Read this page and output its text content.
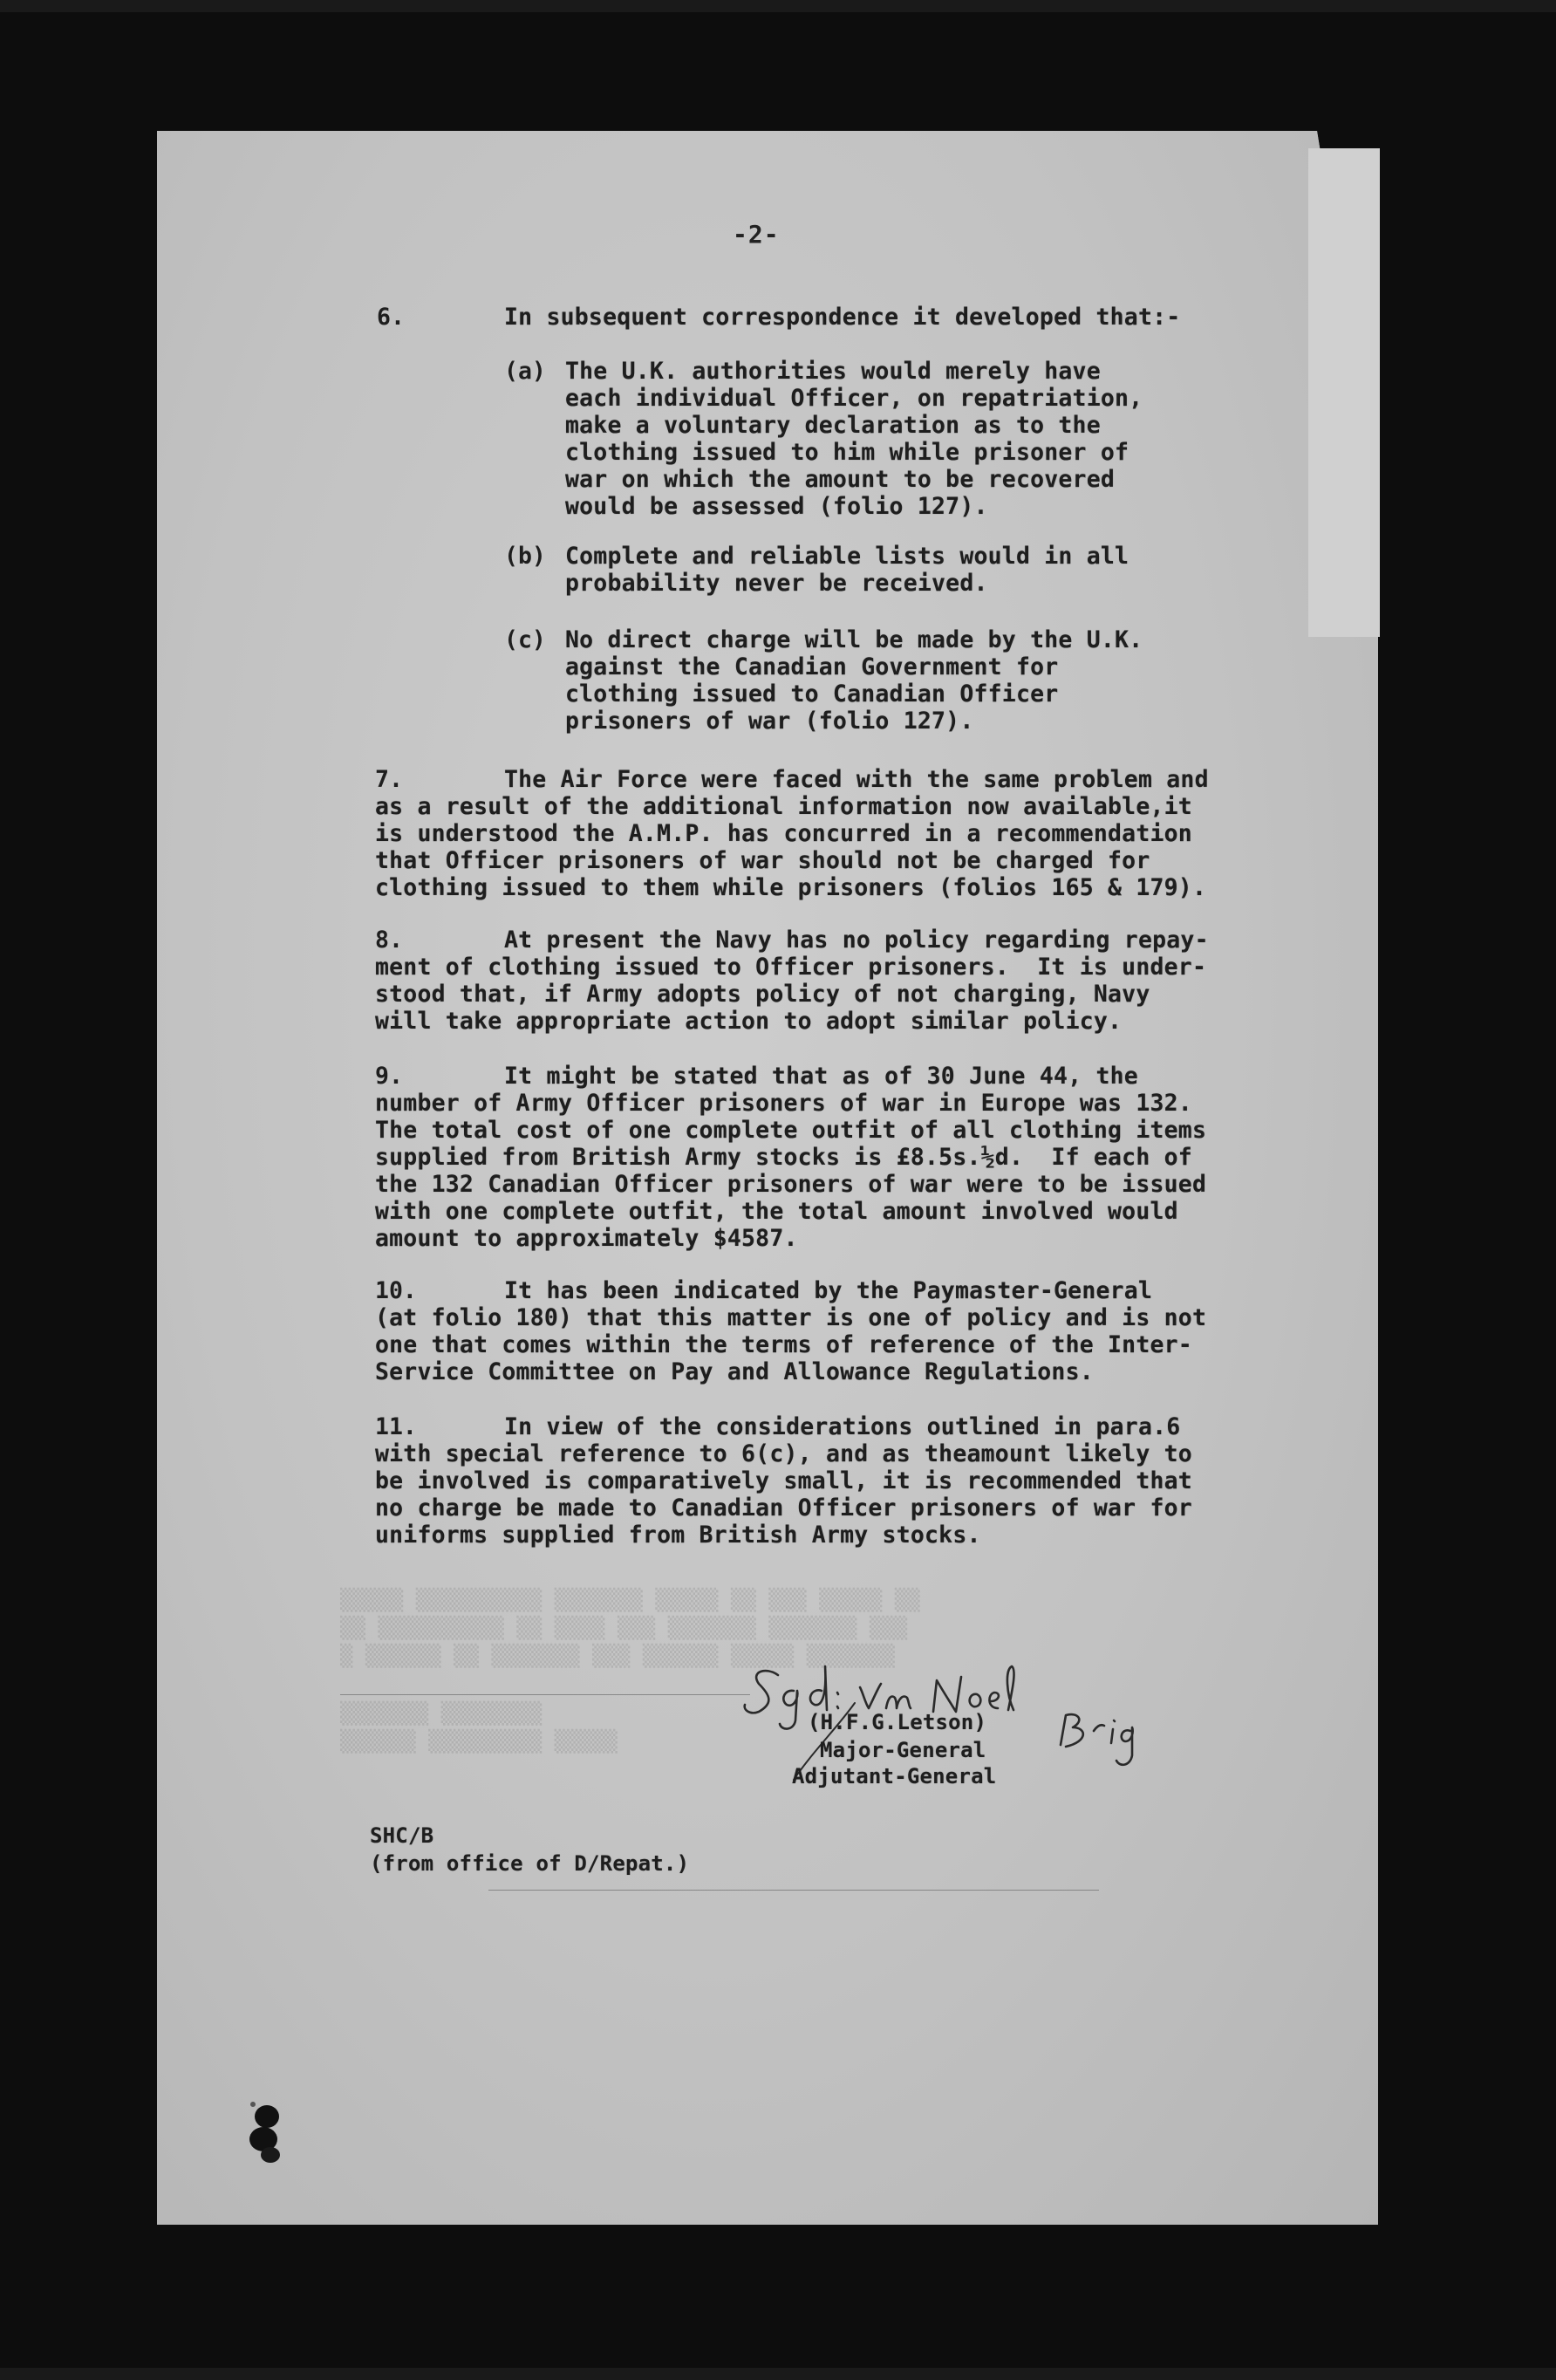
▒▒▒▒▒ ▒▒▒▒▒▒▒▒▒▒ ▒▒▒▒▒▒▒ ▒▒▒▒▒ ▒▒ ▒▒▒ ▒▒▒▒▒ ▒▒
▒▒ ▒▒▒▒▒▒▒▒▒▒ ▒▒ ▒▒▒▒ ▒▒▒ ▒▒▒▒▒▒▒ ▒▒▒▒▒▒▒ ▒▒▒
▒ ▒▒▒▒▒▒ ▒▒ ▒▒▒▒▒▒▒ ▒▒▒ ▒▒▒▒▒▒ ▒▒▒▒▒ ▒▒▒▒▒▒▒
▒▒▒▒▒▒▒ ▒▒▒▒▒▒▒▒
▒▒▒▒▒▒ ▒▒▒▒▒▒▒▒▒ ▒▒▒▒▒
-2-
6.	In subsequent correspondence it developed that:-
(a) The U.K. authorities would merely have
each individual Officer, on repatriation,
make a voluntary declaration as to the
clothing issued to him while prisoner of
war on which the amount to be recovered
would be assessed (folio 127).
(b) Complete and reliable lists would in all
probability never be received.
(c) No direct charge will be made by the U.K.
against the Canadian Government for
clothing issued to Canadian Officer
prisoners of war (folio 127).
7.	The Air Force were faced with the same problem and
as a result of the additional information now available,it
is understood the A.M.P. has concurred in a recommendation
that Officer prisoners of war should not be charged for
clothing issued to them while prisoners (folios 165 & 179).
8.	At present the Navy has no policy regarding repay-
ment of clothing issued to Officer prisoners.  It is under-
stood that, if Army adopts policy of not charging, Navy
will take appropriate action to adopt similar policy.
9.	It might be stated that as of 30 June 44, the
number of Army Officer prisoners of war in Europe was 132.
The total cost of one complete outfit of all clothing items
supplied from British Army stocks is £8.5s.½d.  If each of
the 132 Canadian Officer prisoners of war were to be issued
with one complete outfit, the total amount involved would
amount to approximately $4587.
10.	It has been indicated by the Paymaster-General
(at folio 180) that this matter is one of policy and is not
one that comes within the terms of reference of the Inter-
Service Committee on Pay and Allowance Regulations.
11.	In view of the considerations outlined in para.6
with special reference to 6(c), and as theamount likely to
be involved is comparatively small, it is recommended that
no charge be made to Canadian Officer prisoners of war for
uniforms supplied from British Army stocks.
(H.F.G.Letson)
Major-General
Adjutant-General
SHC/B
(from office of D/Repat.)
